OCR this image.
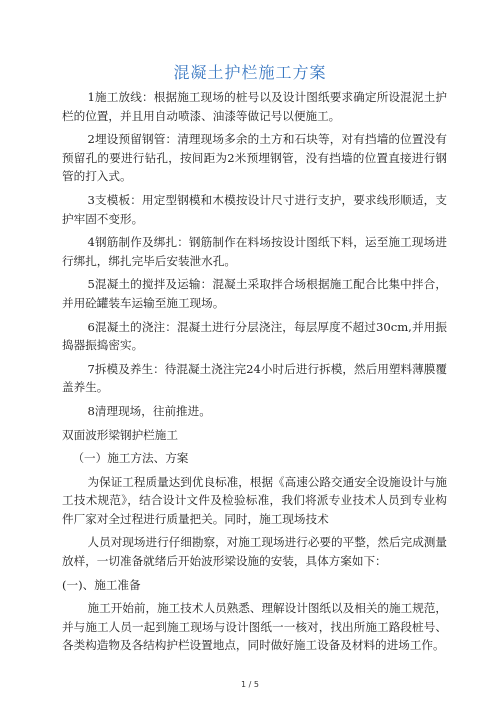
混凝土护栏施工方案

1施工放线：根据施工现场的桩号以及设计图纸要求确定所设混泥土护栏的位置，并且用自动喷漆、油漆等做记号以便施工。

2埋设预留钢管：清理现场多余的土方和石块等，对有挡墙的位置没有预留孔的要进行钻孔，按间距为2米预埋钢管，没有挡墙的位置直接进行钢管的打入式。

3支模板：用定型钢模和木模按设计尺寸进行支护，要求线形顺适，支护牢固不变形。

4钢筋制作及绑扎：钢筋制作在料场按设计图纸下料，运至施工现场进行绑扎，绑扎完毕后安装泄水孔。

5混凝土的搅拌及运输：混凝土采取拌合场根据施工配合比集中拌合，并用砼罐装车运输至施工现场。

6混凝土的浇注：混凝土进行分层浇注，每层厚度不超过30cm,并用振捣器振捣密实。

7拆模及养生：待混凝土浇注完24小时后进行拆模，然后用塑料薄膜覆盖养生。

8清理现场，往前推进。

双面波形梁钢护栏施工

（一）施工方法、方案

为保证工程质量达到优良标准，根据《高速公路交通安全设施设计与施工技术规范》，结合设计文件及检验标准，我们将派专业技术人员到专业构件厂家对全过程进行质量把关。同时，施工现场技术

人员对现场进行仔细勘察，对施工现场进行必要的平整，然后完成测量放样，一切准备就绪后开始波形梁设施的安装，具体方案如下：

(一)、施工准备

施工开始前，施工技术人员熟悉、理解设计图纸以及相关的施工规范，并与施工人员一起到施工现场与设计图纸一一核对，找出所施工路段桩号、各类构造物及各结构护栏设置地点，同时做好施工设备及材料的进场工作。

1 / 5
